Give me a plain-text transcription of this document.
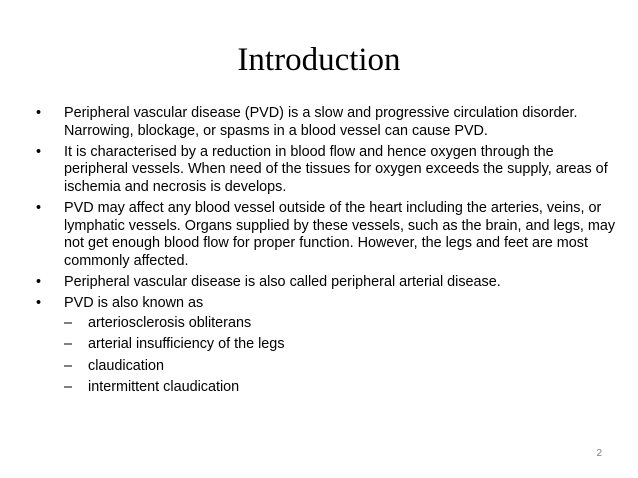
Introduction
•	Peripheral vascular disease (PVD) is a slow and progressive circulation disorder. Narrowing, blockage, or spasms in a blood vessel can cause PVD.
•	It is characterised by a reduction in blood flow and hence oxygen through the peripheral vessels. When need of the tissues for oxygen exceeds the supply, areas of ischemia and necrosis is develops.
•	PVD may affect any blood vessel outside of the heart including the arteries, veins, or lymphatic vessels. Organs supplied by these vessels, such as the brain, and legs, may not get enough blood flow for proper function. However, the legs and feet are most commonly affected.
•	Peripheral vascular disease is also called peripheral arterial disease.
•	PVD is also known as
–	arteriosclerosis obliterans
–	arterial insufficiency of the legs
–	claudication
–	intermittent claudication
2
